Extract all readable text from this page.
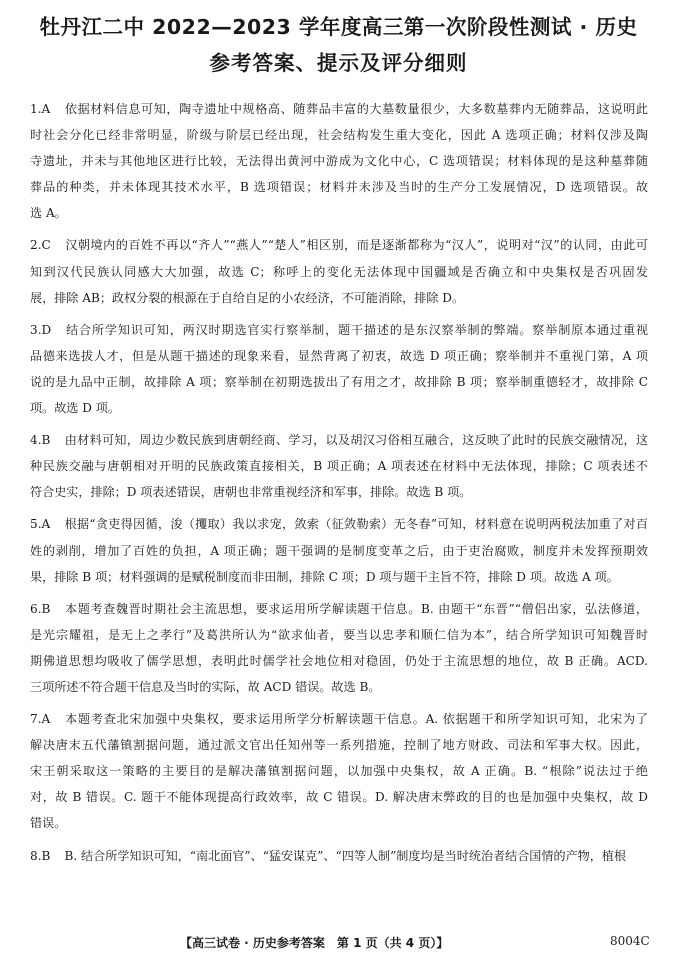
牡丹江二中 2022—2023 学年度高三第一次阶段性测试 · 历史
参考答案、提示及评分细则
1.A 依据材料信息可知，陶寺遗址中规格高、随葬品丰富的大墓数量很少，大多数墓葬内无随葬品，这说明此
时社会分化已经非常明显，阶级与阶层已经出现，社会结构发生重大变化，因此 A 选项正确；材料仅涉及陶
寺遗址，并未与其他地区进行比较，无法得出黄河中游成为文化中心，C 选项错误；材料体现的是这种墓葬随
葬品的种类，并未体现其技术水平，B 选项错误；材料并未涉及当时的生产分工发展情况，D 选项错误。故
选 A。
2.C 汉朝境内的百姓不再以“齐人”“燕人”“楚人”相区别，而是逐渐都称为“汉人”，说明对“汉”的认同，由此可
知到汉代民族认同感大大加强，故选 C；称呼上的变化无法体现中国疆域是否确立和中央集权是否巩固发
展，排除 AB；政权分裂的根源在于自给自足的小农经济，不可能消除，排除 D。
3.D 结合所学知识可知，两汉时期选官实行察举制，题干描述的是东汉察举制的弊端。察举制原本通过重视
品德来选拔人才，但是从题干描述的现象来看，显然背离了初衷，故选 D 项正确；察举制并不重视门第，A 项
说的是九品中正制，故排除 A 项；察举制在初期选拔出了有用之才，故排除 B 项；察举制重德轻才，故排除 C
项。故选 D 项。
4.B 由材料可知，周边少数民族到唐朝经商、学习，以及胡汉习俗相互融合，这反映了此时的民族交融情况，这
种民族交融与唐朝相对开明的民族政策直接相关，B 项正确；A 项表述在材料中无法体现，排除；C 项表述不
符合史实，排除；D 项表述错误，唐朝也非常重视经济和军事，排除。故选 B 项。
5.A 根据“贪吏得因循，浚（攫取）我以求宠，敛索（征敛勒索）无冬春”可知，材料意在说明两税法加重了对百
姓的剥削，增加了百姓的负担，A 项正确；题干强调的是制度变革之后，由于吏治腐败，制度并未发挥预期效
果，排除 B 项；材料强调的是赋税制度而非田制，排除 C 项；D 项与题干主旨不符，排除 D 项。故选 A 项。
6.B 本题考查魏晋时期社会主流思想，要求运用所学解读题干信息。B. 由题干“东晋”“僧侣出家，弘法修道，
是光宗耀祖，是无上之孝行”及葛洪所认为“欲求仙者，要当以忠孝和顺仁信为本”，结合所学知识可知魏晋时
期佛道思想均吸收了儒学思想，表明此时儒学社会地位相对稳固，仍处于主流思想的地位，故 B 正确。ACD.
三项所述不符合题干信息及当时的实际，故 ACD 错误。故选 B。
7.A 本题考查北宋加强中央集权，要求运用所学分析解读题干信息。A. 依据题干和所学知识可知，北宋为了
解决唐末五代藩镇割据问题，通过派文官出任知州等一系列措施，控制了地方财政、司法和军事大权。因此，
宋王朝采取这一策略的主要目的是解决藩镇割据问题，以加强中央集权，故 A 正确。B. “根除”说法过于绝
对，故 B 错误。C. 题干不能体现提高行政效率，故 C 错误。D. 解决唐末弊政的目的也是加强中央集权，故 D
错误。
8.B B. 结合所学知识可知，“南北面官”、“猛安谋克”、“四等人制”制度均是当时统治者结合国情的产物，植根
【高三试卷 · 历史参考答案　第 1 页（共 4 页）】	8004C
